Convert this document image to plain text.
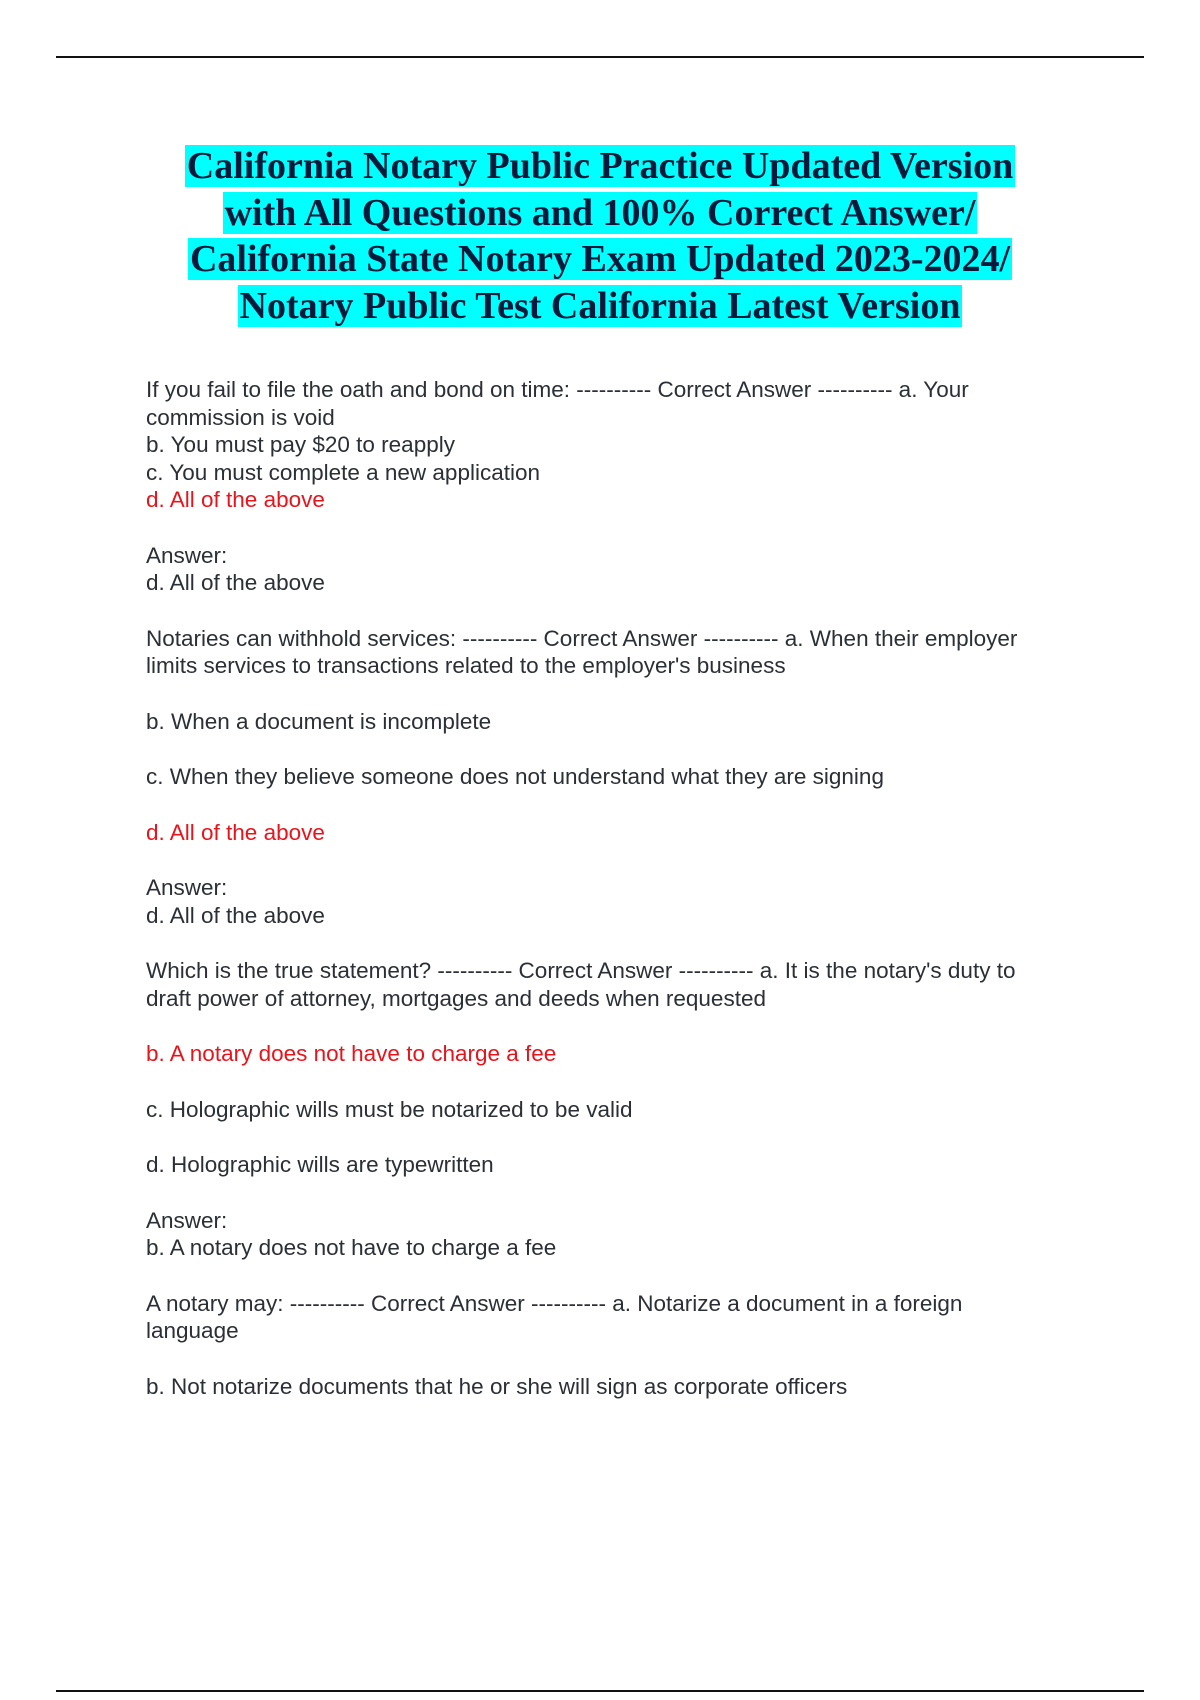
California Notary Public Practice Updated Version
with All Questions and 100% Correct Answer/
California State Notary Exam Updated 2023-2024/
Notary Public Test California Latest Version

If you fail to file the oath and bond on time: ---------- Correct Answer ---------- a. Your

commission is void

b. You must pay $20 to reapply

c. You must complete a new application

d. All of the above

Answer:

d. All of the above

Notaries can withhold services: ---------- Correct Answer ---------- a. When their employer

limits services to transactions related to the employer's business

b. When a document is incomplete

c. When they believe someone does not understand what they are signing

d. All of the above

Answer:

d. All of the above

Which is the true statement? ---------- Correct Answer ---------- a. It is the notary's duty to

draft power of attorney, mortgages and deeds when requested

b. A notary does not have to charge a fee

c. Holographic wills must be notarized to be valid

d. Holographic wills are typewritten

Answer:

b. A notary does not have to charge a fee

A notary may: ---------- Correct Answer ---------- a. Notarize a document in a foreign

language

b. Not notarize documents that he or she will sign as corporate officers
